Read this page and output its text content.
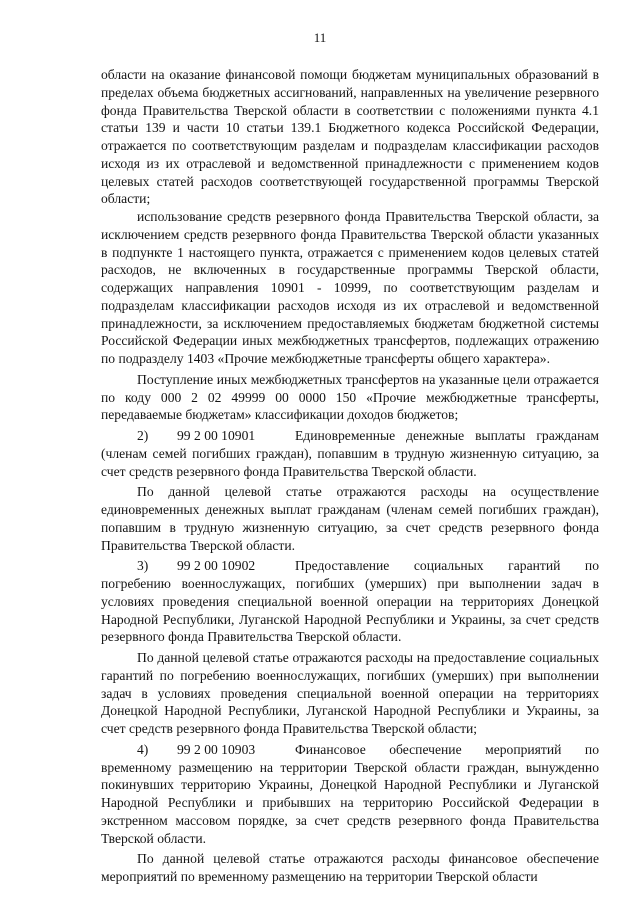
11

области на оказание финансовой помощи бюджетам муниципальных образований в пределах объема бюджетных ассигнований, направленных на увеличение резервного фонда Правительства Тверской области в соответствии с положениями пункта 4.1 статьи 139 и части 10 статьи 139.1 Бюджетного кодекса Российской Федерации, отражается по соответствующим разделам и подразделам классификации расходов исходя из их отраслевой и ведомственной принадлежности с применением кодов целевых статей расходов соответствующей государственной программы Тверской области;

использование средств резервного фонда Правительства Тверской области, за исключением средств резервного фонда Правительства Тверской области указанных в подпункте 1 настоящего пункта, отражается с применением кодов целевых статей расходов, не включенных в государственные программы Тверской области, содержащих направления 10901 - 10999, по соответствующим разделам и подразделам классификации расходов исходя из их отраслевой и ведомственной принадлежности, за исключением предоставляемых бюджетам бюджетной системы Российской Федерации иных межбюджетных трансфертов, подлежащих отражению по подразделу 1403 «Прочие межбюджетные трансферты общего характера».

Поступление иных межбюджетных трансфертов на указанные цели отражается по коду 000 2 02 49999 00 0000 150 «Прочие межбюджетные трансферты, передаваемые бюджетам» классификации доходов бюджетов;

2)	99 2 00 10901	Единовременные денежные выплаты гражданам

(членам семей погибших граждан), попавшим в трудную жизненную ситуацию, за счет средств резервного фонда Правительства Тверской области.

По данной целевой статье отражаются расходы на осуществление единовременных денежных выплат гражданам (членам семей погибших граждан), попавшим в трудную жизненную ситуацию, за счет средств резервного фонда Правительства Тверской области.

3)	99 2 00 10902	Предоставление социальных гарантий по

погребению военнослужащих, погибших (умерших) при выполнении задач в условиях проведения специальной военной операции на территориях Донецкой Народной Республики, Луганской Народной Республики и Украины, за счет средств резервного фонда Правительства Тверской области.

По данной целевой статье отражаются расходы на предоставление социальных гарантий по погребению военнослужащих, погибших (умерших) при выполнении задач в условиях проведения специальной военной операции на территориях Донецкой Народной Республики, Луганской Народной Республики и Украины, за счет средств резервного фонда Правительства Тверской области;

4)	99 2 00 10903	Финансовое обеспечение мероприятий по

временному размещению на территории Тверской области граждан, вынужденно покинувших территорию Украины, Донецкой Народной Республики и Луганской Народной Республики и прибывших на территорию Российской Федерации в экстренном массовом порядке, за счет средств резервного фонда Правительства Тверской области.

По данной целевой статье отражаются расходы финансовое обеспечение мероприятий по временному размещению на территории Тверской области
